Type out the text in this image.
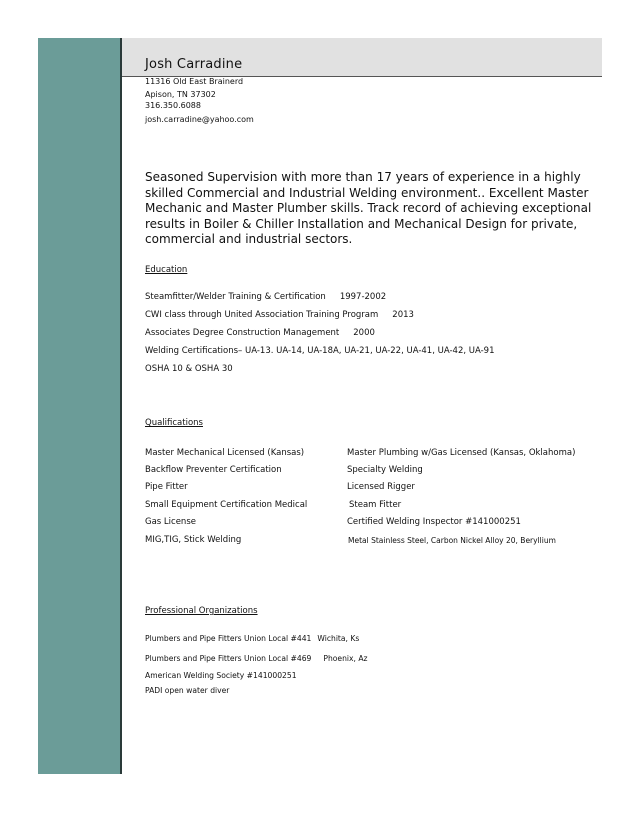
Josh Carradine
11316 Old East Brainerd
Apison, TN 37302
316.350.6088
josh.carradine@yahoo.com

Seasoned Supervision with more than 17 years of experience in a highly skilled Commercial and Industrial Welding environment.. Excellent Master Mechanic and Master Plumber skills. Track record of achieving exceptional results in Boiler & Chiller Installation and Mechanical Design for private, commercial and industrial sectors.

Education
Steamfitter/Welder Training & Certification 1997-2002
CWI class through United Association Training Program 2013
Associates Degree Construction Management 2000
Welding Certifications– UA-13. UA-14, UA-18A, UA-21, UA-22, UA-41, UA-42, UA-91
OSHA 10 & OSHA 30
Qualifications
Master Mechanical Licensed (Kansas)	Master Plumbing w/Gas Licensed (Kansas, Oklahoma)
Backflow Preventer Certification	Specialty Welding
Pipe Fitter	Licensed Rigger
Small Equipment Certification Medical	Steam Fitter
Gas License	Certified Welding Inspector #141000251
MIG,TIG, Stick Welding	Metal Stainless Steel, Carbon Nickel Alloy 20, Beryllium
Professional Organizations
Plumbers and Pipe Fitters Union Local #441 Wichita, Ks
Plumbers and Pipe Fitters Union Local #469 Phoenix, Az
American Welding Society #141000251
PADI open water diver
